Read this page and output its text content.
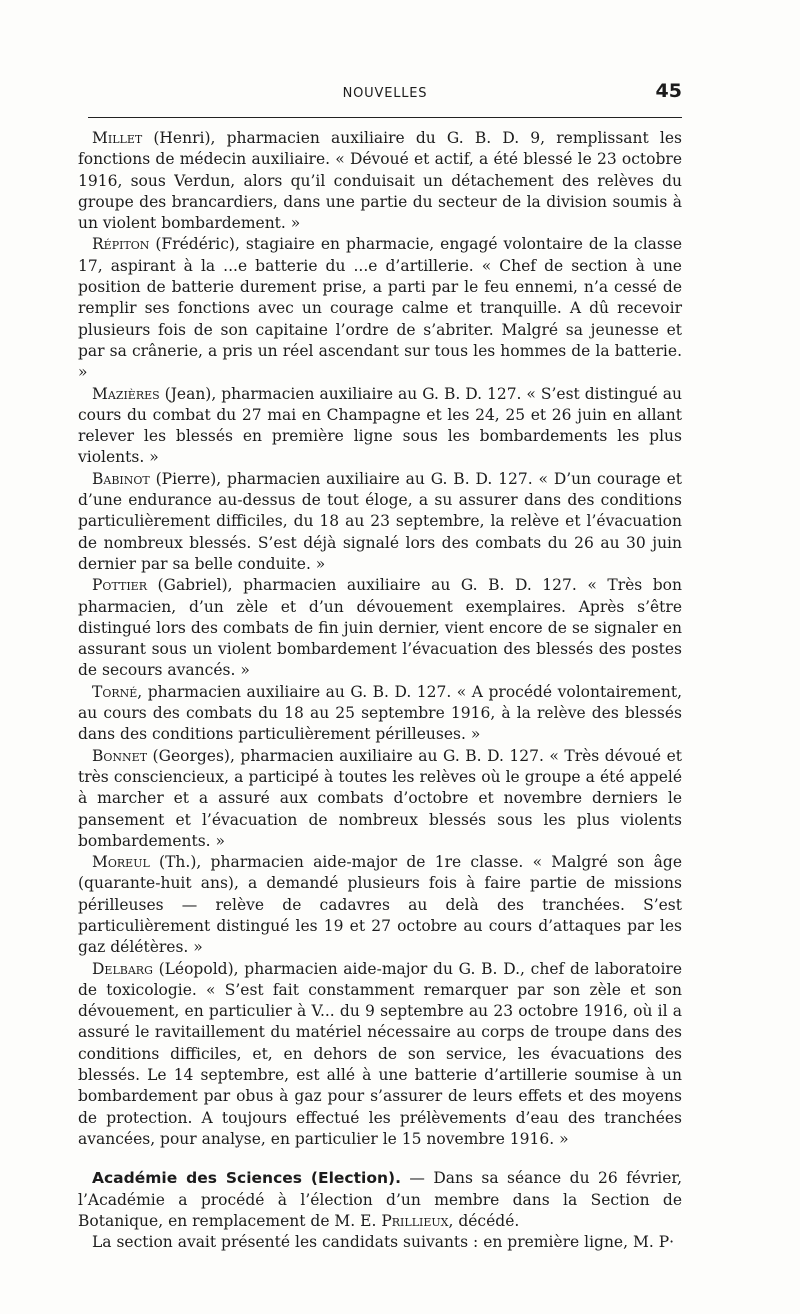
NOUVELLES	45

Millet (Henri), pharmacien auxiliaire du G. B. D. 9, remplissant les fonctions de médecin auxiliaire. « Dévoué et actif, a été blessé le 23 octobre 1916, sous Verdun, alors qu’il conduisait un détachement des relèves du groupe des brancardiers, dans une partie du secteur de la division soumis à un violent bombardement. »

Répiton (Frédéric), stagiaire en pharmacie, engagé volontaire de la classe 17, aspirant à la ...e batterie du ...e d’artillerie. « Chef de section à une position de batterie durement prise, a parti par le feu ennemi, n’a cessé de remplir ses fonctions avec un courage calme et tranquille. A dû recevoir plusieurs fois de son capitaine l’ordre de s’abriter. Malgré sa jeunesse et par sa crânerie, a pris un réel ascendant sur tous les hommes de la batterie. »

Mazières (Jean), pharmacien auxiliaire au G. B. D. 127. « S’est distingué au cours du combat du 27 mai en Champagne et les 24, 25 et 26 juin en allant relever les blessés en première ligne sous les bombardements les plus violents. »

Babinot (Pierre), pharmacien auxiliaire au G. B. D. 127. « D’un courage et d’une endurance au-dessus de tout éloge, a su assurer dans des conditions particulièrement difficiles, du 18 au 23 septembre, la relève et l’évacuation de nombreux blessés. S’est déjà signalé lors des combats du 26 au 30 juin dernier par sa belle conduite. »

Pottier (Gabriel), pharmacien auxiliaire au G. B. D. 127. « Très bon pharmacien, d’un zèle et d’un dévouement exemplaires. Après s’être distingué lors des combats de fin juin dernier, vient encore de se signaler en assurant sous un violent bombardement l’évacuation des blessés des postes de secours avancés. »

Torné, pharmacien auxiliaire au G. B. D. 127. « A procédé volontairement, au cours des combats du 18 au 25 septembre 1916, à la relève des blessés dans des conditions particulièrement périlleuses. »

Bonnet (Georges), pharmacien auxiliaire au G. B. D. 127. « Très dévoué et très consciencieux, a participé à toutes les relèves où le groupe a été appelé à marcher et a assuré aux combats d’octobre et novembre derniers le pansement et l’évacuation de nombreux blessés sous les plus violents bombardements. »

Moreul (Th.), pharmacien aide-major de 1re classe. « Malgré son âge (quarante-huit ans), a demandé plusieurs fois à faire partie de missions périlleuses — relève de cadavres au delà des tranchées. S’est particulièrement distingué les 19 et 27 octobre au cours d’attaques par les gaz délétères. »

Delbarg (Léopold), pharmacien aide-major du G. B. D., chef de laboratoire de toxicologie. « S’est fait constamment remarquer par son zèle et son dévouement, en particulier à V... du 9 septembre au 23 octobre 1916, où il a assuré le ravitaillement du matériel nécessaire au corps de troupe dans des conditions difficiles, et, en dehors de son service, les évacuations des blessés. Le 14 septembre, est allé à une batterie d’artillerie soumise à un bombardement par obus à gaz pour s’assurer de leurs effets et des moyens de protection. A toujours effectué les prélèvements d’eau des tranchées avancées, pour analyse, en particulier le 15 novembre 1916. »

Académie des Sciences (Election). — Dans sa séance du 26 février, l’Académie a procédé à l’élection d’un membre dans la Section de Botanique, en remplacement de M. E. Prillieux, décédé.

La section avait présenté les candidats suivants : en première ligne, M. P·
